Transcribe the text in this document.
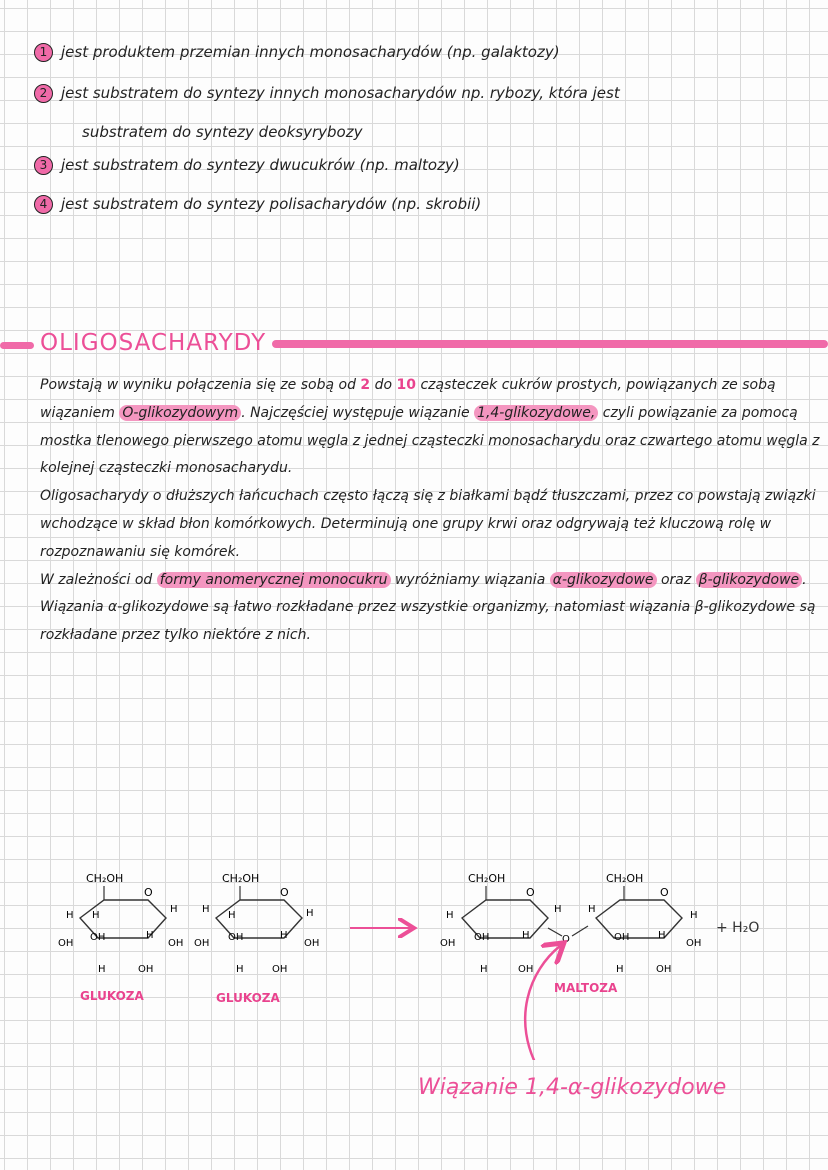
1 jest produktem przemian innych monosacharydów (np. galaktozy)
2 jest substratem do syntezy innych monosacharydów np. rybozy, która jest
substratem do syntezy deoksyrybozy
3 jest substratem do syntezy dwucukrów (np. maltozy)
4 jest substratem do syntezy polisacharydów (np. skrobii)
OLIGOSACHARYDY

Powstają w wyniku połączenia się ze sobą od 2 do 10 cząsteczek cukrów prostych, powiązanych ze sobą wiązaniem O-glikozydowym . Najczęściej występuje wiązanie 1,4-glikozydowe, czyli powiązanie za pomocą mostka tlenowego pierwszego atomu węgla z jednej cząsteczki monosacharydu oraz czwartego atomu węgla z kolejnej cząsteczki monosacharydu.

Oligosacharydy o dłuższych łańcuchach często łączą się z białkami bądź tłuszczami, przez co powstają związki wchodzące w skład błon komórkowych. Determinują one grupy krwi oraz odgrywają też kluczową rolę w rozpoznawaniu się komórek.

W zależności od formy anomerycznej monocukru wyróżniamy wiązania α-glikozydowe oraz β-glikozydowe . Wiązania α-glikozydowe są łatwo rozkładane przez wszystkie organizmy, natomiast wiązania β-glikozydowe są rozkładane przez tylko niektóre z nich.

CH₂OH
O
H H
H
OH
OH	H
OH
H	OH
GLUKOZA
CH₂OH
O
H
H	H
OH
OH	H
OH
H	OH
GLUKOZA
CH₂OH
O
O
CH₂OH
O
H
OH
OH	H
H	OH
H	H
OH	H
OH
H
H	OH
MALTOZA
+ H₂O
Wiązanie 1,4-α-glikozydowe
